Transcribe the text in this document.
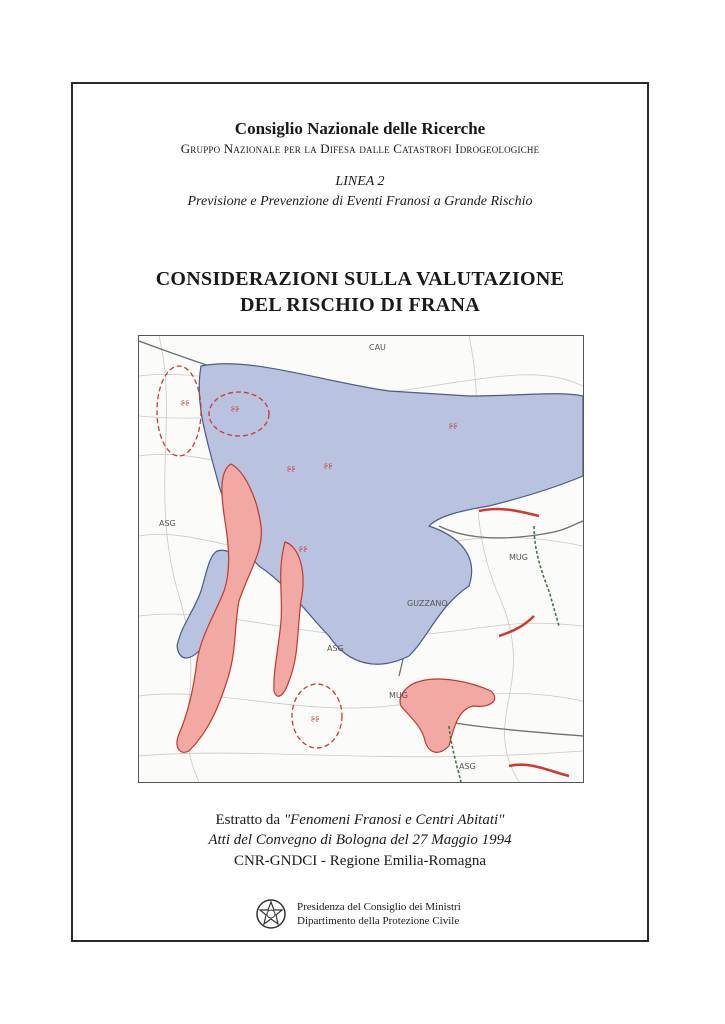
Consiglio Nazionale delle Ricerche
Gruppo Nazionale per la Difesa dalle Catastrofi Idrogeologiche
LINEA 2
Previsione e Prevenzione di Eventi Franosi a Grande Rischio
CONSIDERAZIONI SULLA VALUTAZIONE
DEL RISCHIO DI FRANA
ᶳᶳ	ᶳᶳ
ᶳᶳ ᶳᶳ
ᶳᶳ
ᶳᶳ
ᶳᶳ
CAU
ASG
ASG
ASG
MUG
MUG
GUZZANO
Estratto da "Fenomeni Franosi e Centri Abitati"
Atti del Convegno di Bologna del 27 Maggio 1994
CNR-GNDCI - Regione Emilia-Romagna
Presidenza del Consiglio dei Ministri
Dipartimento della Protezione Civile
